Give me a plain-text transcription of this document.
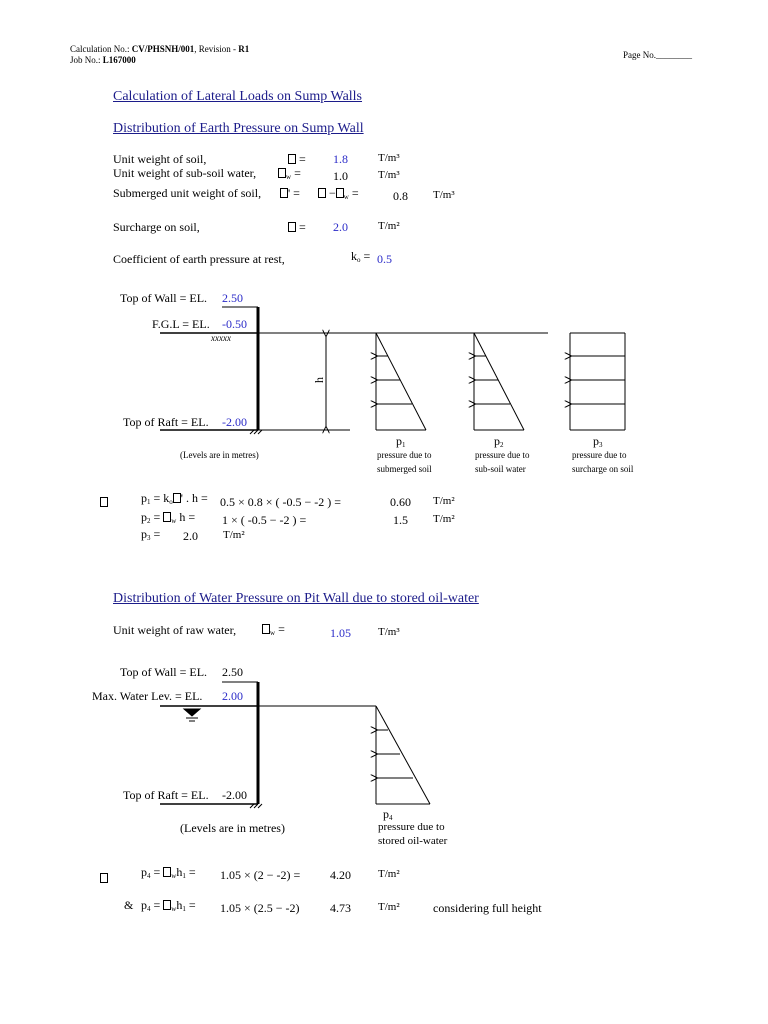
Calculation No.: CV/PHSNH/001, Revision - R1
Job No.: L167000	Page No.________
Calculation of Lateral Loads on Sump Walls
Distribution of Earth Pressure on Sump Wall
Unit weight of soil,	= 1.8	T/m³
Unit weight of sub-soil water,	$_w$ =	1.0	T/m³
Submerged unit weight of soil,	' =	− $_w$ =	0.8 T/m³
Surcharge on soil,	= 2.0	T/m²
Coefficient of earth pressure at rest,	$k_o = 0.5$
Top of Wall = EL. 2.50
F.G.L = EL. -0.50
xxxxx
Top of Raft = EL. -2.00
h
(Levels are in metres)
$p_1$	$p_2$	$p_3$
pressure due to
submerged soil
pressure due to
sub-soil water
pressure due to
surcharge on soil
$p_1 = k_o$ ' . h = 0.5 × 0.8 × ( -0.5 − -2 ) =	0.60 T/m²
$p_2 = _w$ h = 1 × ( -0.5 − -2 ) =	1.5 T/m²
$p_3 = 2.0$ T/m²
Distribution of Water Pressure on Pit Wall due to stored oil-water
Unit weight of raw water,	$_w$ =	1.05 T/m³
Top of Wall = EL. 2.50
Max. Water Lev. = EL. 2.00
Top of Raft = EL. -2.00
(Levels are in metres)
$p_4$
pressure due to
stored oil-water
$p_4 = _wh_1 = 1.05 \times (2 - -2) = 4.20$ T/m²
& $p_4 = _wh_1 = 1.05 \times (2.5 - -2)$	4.73 T/m²	considering full height
